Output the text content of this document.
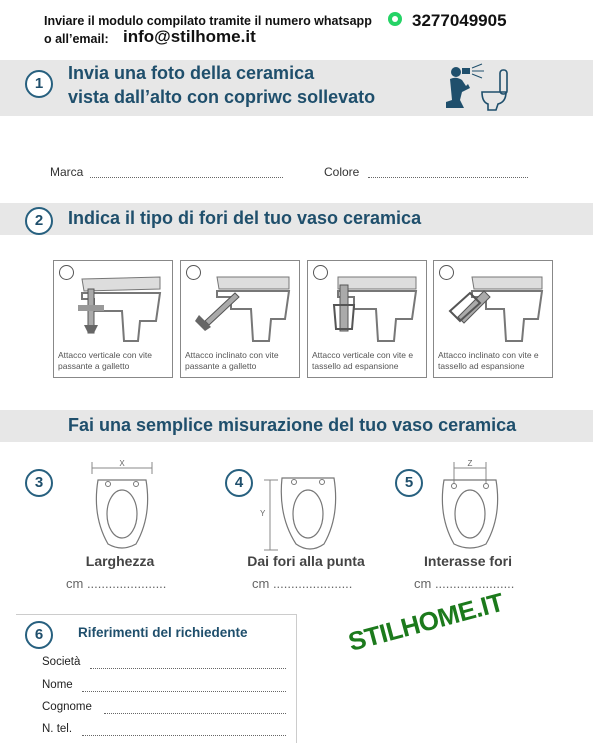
Inviare il modulo compilato tramite il numero whatsapp 3277049905
o all’email: info@stilhome.it
1
Invia una foto della ceramica
vista dall’alto con copriwc sollevato
Marca	Colore
2	Indica il tipo di fori del tuo vaso ceramica
Attacco verticale con vite passante a galletto
Attacco inclinato con vite passante a galletto
Attacco verticale con vite e tassello ad espansione
Attacco inclinato con vite e tassello ad espansione
Fai una semplice misurazione del tuo vaso ceramica
3
X
Larghezza
cm ......................
4
Y
Dai fori alla punta
cm ......................
5
Z
Interasse fori
cm ......................
6	Riferimenti del richiedente
Società
Nome
Cognome
N. tel.
STILHOME.IT
